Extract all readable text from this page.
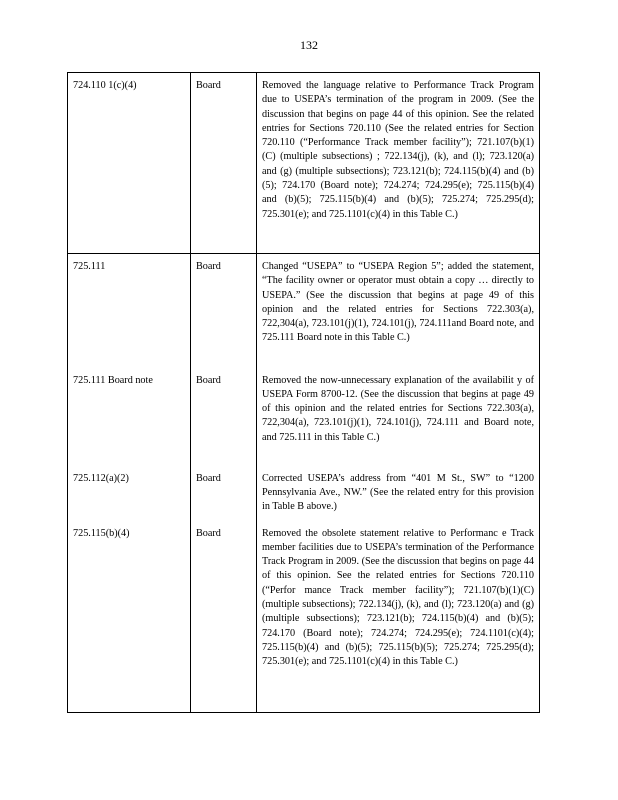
132
724.110 1(c)(4)	Board	Removed the language relative to Performance Track Program due to USEPA’s termination of the program in 2009. (See the discussion that begins on page 44 of this opinion. See the related entries for Sections 720.110 (See the related entries for Section 720.110 (“Performance Track member facility”); 721.107(b)(1)(C) (multiple subsections) ; 722.134(j), (k), and (l); 723.120(a) and (g) (multiple subsections); 723.121(b); 724.115(b)(4) and (b)(5); 724.170 (Board note); 724.274; 724.295(e); 725.115(b)(4) and (b)(5); 725.115(b)(4) and (b)(5); 725.274; 725.295(d); 725.301(e); and 725.1101(c)(4) in this Table C.)
725.111	Board	Changed “USEPA” to “USEPA Region 5”; added the statement, “The facility owner or operator must obtain a copy … directly to USEPA.” (See the discussion that begins at page 49 of this opinion and the related entries for Sections 722.303(a), 722,304(a), 723.101(j)(1), 724.101(j), 724.111and Board note, and 725.111 Board note in this Table C.)
725.111 Board note	Board	Removed the now-unnecessary explanation of the availabilit y of USEPA Form 8700-12. (See the discussion that begins at page 49 of this opinion and the related entries for Sections 722.303(a), 722,304(a), 723.101(j)(1), 724.101(j), 724.111 and Board note, and 725.111 in this Table C.)
725.112(a)(2)	Board	Corrected USEPA’s address from “401 M St., SW” to “1200 Pennsylvania Ave., NW.” (See the related entry for this provision in Table B above.)
725.115(b)(4)	Board	Removed the obsolete statement relative to Performanc e Track member facilities due to USEPA’s termination of the Performance Track Program in 2009. (See the discussion that begins on page 44 of this opinion. See the related entries for Sections 720.110 (“Perfor mance Track member facility”); 721.107(b)(1)(C) (multiple subsections); 722.134(j), (k), and (l); 723.120(a) and (g) (multiple subsections); 723.121(b); 724.115(b)(4) and (b)(5); 724.170 (Board note); 724.274; 724.295(e); 724.1101(c)(4); 725.115(b)(4) and (b)(5); 725.115(b)(5); 725.274; 725.295(d); 725.301(e); and 725.1101(c)(4) in this Table C.)
